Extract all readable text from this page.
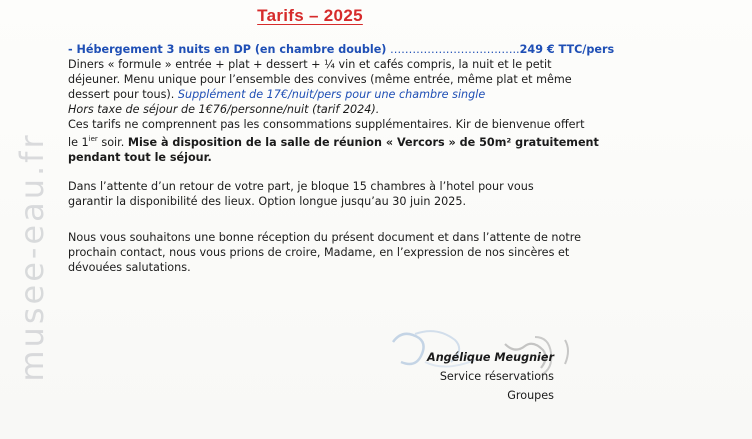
musee-eau.fr
Tarifs – 2025
- Hébergement 3 nuits en DP (en chambre double) …………….…………..…..249 € TTC/pers
Diners « formule » entrée + plat + dessert + ¼ vin et cafés compris, la nuit et le petit
déjeuner. Menu unique pour l’ensemble des convives (même entrée, même plat et même
dessert pour tous). Supplément de 17€/nuit/pers pour une chambre single
Hors taxe de séjour de 1€76/personne/nuit (tarif 2024).
Ces tarifs ne comprennent pas les consommations supplémentaires. Kir de bienvenue offert
le $1^{ier}$ soir. Mise à disposition de la salle de réunion « Vercors » de 50m² gratuitement
pendant tout le séjour.
Dans l’attente d’un retour de votre part, je bloque 15 chambres à l’hotel pour vous
garantir la disponibilité des lieux. Option longue jusqu’au 30 juin 2025.
Nous vous souhaitons une bonne réception du présent document et dans l’attente de notre
prochain contact, nous vous prions de croire, Madame, en l’expression de nos sincères et
dévouées salutations.
Angélique Meugnier
Service réservations Groupes
